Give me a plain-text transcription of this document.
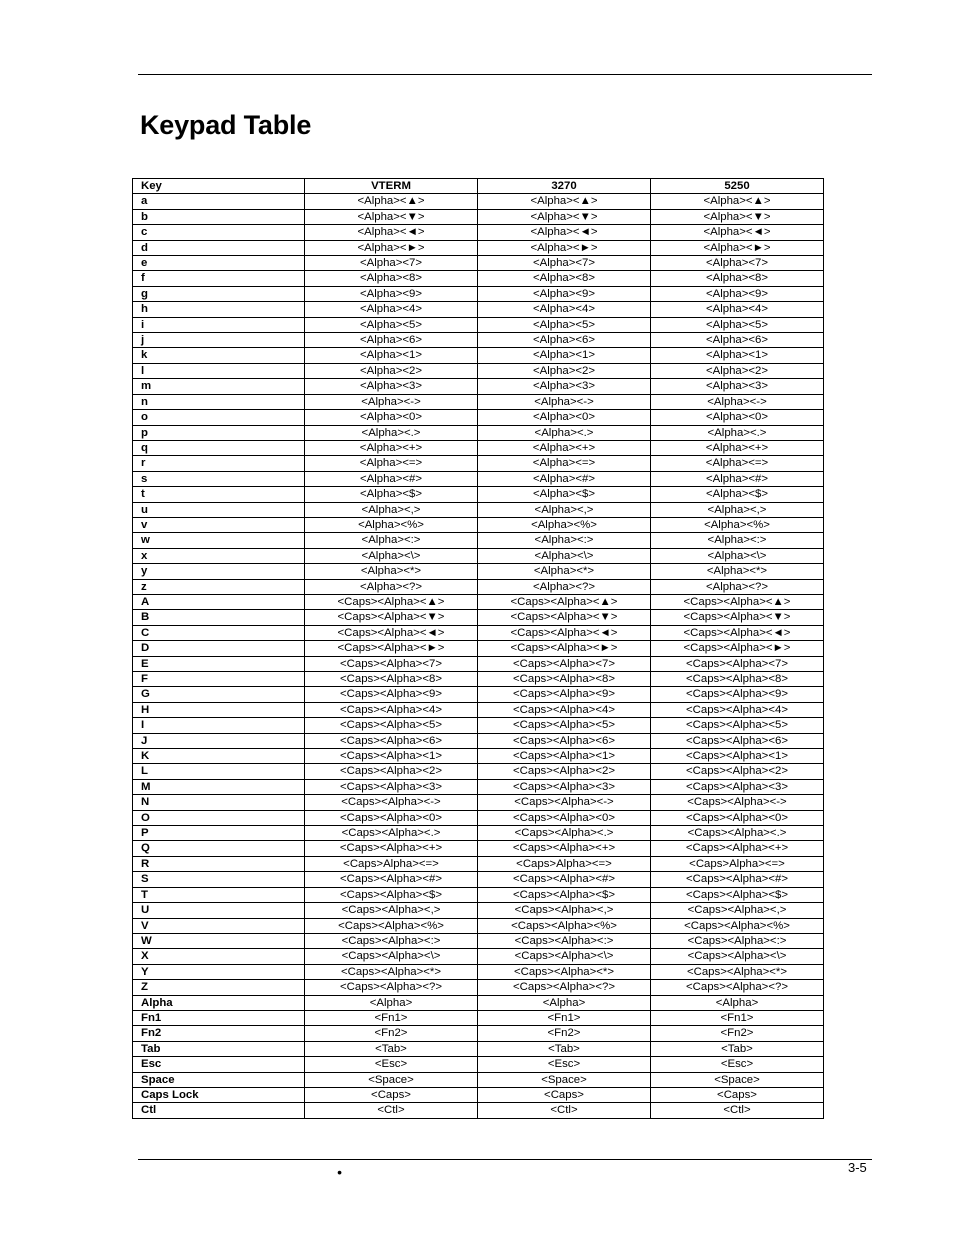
Keypad Table
Key	VTERM	3270	5250
a	<Alpha><▲>	<Alpha><▲>	<Alpha><▲>
b	<Alpha><▼>	<Alpha><▼>	<Alpha><▼>
c	<Alpha><◄>	<Alpha><◄>	<Alpha><◄>
d	<Alpha><►>	<Alpha><►>	<Alpha><►>
e	<Alpha><7>	<Alpha><7>	<Alpha><7>
f	<Alpha><8>	<Alpha><8>	<Alpha><8>
g	<Alpha><9>	<Alpha><9>	<Alpha><9>
h	<Alpha><4>	<Alpha><4>	<Alpha><4>
i	<Alpha><5>	<Alpha><5>	<Alpha><5>
j	<Alpha><6>	<Alpha><6>	<Alpha><6>
k	<Alpha><1>	<Alpha><1>	<Alpha><1>
l	<Alpha><2>	<Alpha><2>	<Alpha><2>
m	<Alpha><3>	<Alpha><3>	<Alpha><3>
n	<Alpha><->	<Alpha><->	<Alpha><->
o	<Alpha><0>	<Alpha><0>	<Alpha><0>
p	<Alpha><.>	<Alpha><.>	<Alpha><.>
q	<Alpha><+>	<Alpha><+>	<Alpha><+>
r	<Alpha><=>	<Alpha><=>	<Alpha><=>
s	<Alpha><#>	<Alpha><#>	<Alpha><#>
t	<Alpha><$>	<Alpha><$>	<Alpha><$>
u	<Alpha><,>	<Alpha><,>	<Alpha><,>
v	<Alpha><%>	<Alpha><%>	<Alpha><%>
w	<Alpha><:>	<Alpha><:>	<Alpha><:>
x	<Alpha><\>	<Alpha><\>	<Alpha><\>
y	<Alpha><*>	<Alpha><*>	<Alpha><*>
z	<Alpha><?>	<Alpha><?>	<Alpha><?>
A	<Caps><Alpha><▲>	<Caps><Alpha><▲>	<Caps><Alpha><▲>
B	<Caps><Alpha><▼>	<Caps><Alpha><▼>	<Caps><Alpha><▼>
C	<Caps><Alpha><◄>	<Caps><Alpha><◄>	<Caps><Alpha><◄>
D	<Caps><Alpha><►>	<Caps><Alpha><►>	<Caps><Alpha><►>
E	<Caps><Alpha><7>	<Caps><Alpha><7>	<Caps><Alpha><7>
F	<Caps><Alpha><8>	<Caps><Alpha><8>	<Caps><Alpha><8>
G	<Caps><Alpha><9>	<Caps><Alpha><9>	<Caps><Alpha><9>
H	<Caps><Alpha><4>	<Caps><Alpha><4>	<Caps><Alpha><4>
I	<Caps><Alpha><5>	<Caps><Alpha><5>	<Caps><Alpha><5>
J	<Caps><Alpha><6>	<Caps><Alpha><6>	<Caps><Alpha><6>
K	<Caps><Alpha><1>	<Caps><Alpha><1>	<Caps><Alpha><1>
L	<Caps><Alpha><2>	<Caps><Alpha><2>	<Caps><Alpha><2>
M	<Caps><Alpha><3>	<Caps><Alpha><3>	<Caps><Alpha><3>
N	<Caps><Alpha><->	<Caps><Alpha><->	<Caps><Alpha><->
O	<Caps><Alpha><0>	<Caps><Alpha><0>	<Caps><Alpha><0>
P	<Caps><Alpha><.>	<Caps><Alpha><.>	<Caps><Alpha><.>
Q	<Caps><Alpha><+>	<Caps><Alpha><+>	<Caps><Alpha><+>
R	<Caps>Alpha><=>	<Caps>Alpha><=>	<Caps>Alpha><=>
S	<Caps><Alpha><#>	<Caps><Alpha><#>	<Caps><Alpha><#>
T	<Caps><Alpha><$>	<Caps><Alpha><$>	<Caps><Alpha><$>
U	<Caps><Alpha><,>	<Caps><Alpha><,>	<Caps><Alpha><,>
V	<Caps><Alpha><%>	<Caps><Alpha><%>	<Caps><Alpha><%>
W	<Caps><Alpha><:>	<Caps><Alpha><:>	<Caps><Alpha><:>
X	<Caps><Alpha><\>	<Caps><Alpha><\>	<Caps><Alpha><\>
Y	<Caps><Alpha><*>	<Caps><Alpha><*>	<Caps><Alpha><*>
Z	<Caps><Alpha><?>	<Caps><Alpha><?>	<Caps><Alpha><?>
Alpha	<Alpha>	<Alpha>	<Alpha>
Fn1	<Fn1>	<Fn1>	<Fn1>
Fn2	<Fn2>	<Fn2>	<Fn2>
Tab	<Tab>	<Tab>	<Tab>
Esc	<Esc>	<Esc>	<Esc>
Space	<Space>	<Space>	<Space>
Caps Lock	<Caps>	<Caps>	<Caps>
Ctl	<Ctl>	<Ctl>	<Ctl>
•	3-5
